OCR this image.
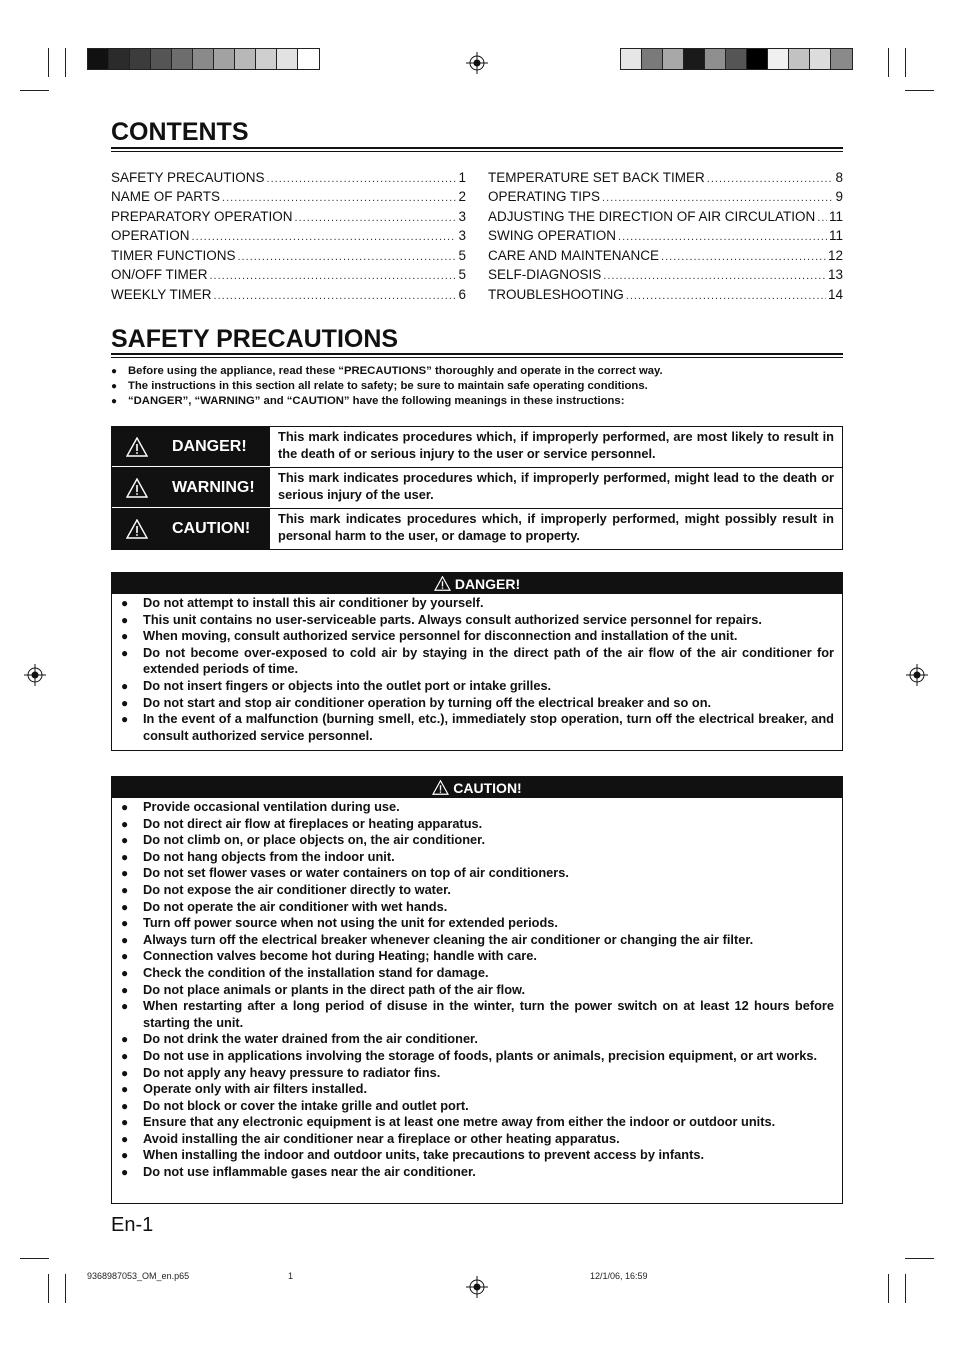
CONTENTS
SAFETY PRECAUTIONS .....	1
NAME OF PARTS .....	2
PREPARATORY OPERATION .....	3
OPERATION .....	3
TIMER FUNCTIONS .....	5
ON/OFF TIMER .....	5
WEEKLY TIMER .....	6
TEMPERATURE SET BACK TIMER .....	8
OPERATING TIPS .....	9
ADJUSTING THE DIRECTION OF AIR CIRCULATION ..... 11
SWING OPERATION .....	11
CARE AND MAINTENANCE .....	12
SELF-DIAGNOSIS .....	13
TROUBLESHOOTING .....	14
SAFETY PRECAUTIONS
● Before using the appliance, read these “PRECAUTIONS” thoroughly and operate in the correct way.
● The instructions in this section all relate to safety; be sure to maintain safe operating conditions.
● “DANGER”, “WARNING” and “CAUTION” have the following meanings in these instructions:
DANGER!
This mark indicates procedures which, if improperly performed, are most likely to result in the death of or serious injury to the user or service personnel.
WARNING!
This mark indicates procedures which, if improperly performed, might lead to the death or serious injury of the user.
CAUTION!
This mark indicates procedures which, if improperly performed, might possibly result in personal harm to the user, or damage to property.
DANGER!
●	Do not attempt to install this air conditioner by yourself.
●	This unit contains no user-serviceable parts. Always consult authorized service personnel for repairs.
●	When moving, consult authorized service personnel for disconnection and installation of the unit.
●	Do not become over-exposed to cold air by staying in the direct path of the air flow of the air conditioner for extended periods of time.
●	Do not insert fingers or objects into the outlet port or intake grilles.
●	Do not start and stop air conditioner operation by turning off the electrical breaker and so on.
●	In the event of a malfunction (burning smell, etc.), immediately stop operation, turn off the electrical breaker, and consult authorized service personnel.
CAUTION!
●	Provide occasional ventilation during use.
●	Do not direct air flow at fireplaces or heating apparatus.
●	Do not climb on, or place objects on, the air conditioner.
●	Do not hang objects from the indoor unit.
●	Do not set flower vases or water containers on top of air conditioners.
●	Do not expose the air conditioner directly to water.
●	Do not operate the air conditioner with wet hands.
●	Turn off power source when not using the unit for extended periods.
●	Always turn off the electrical breaker whenever cleaning the air conditioner or changing the air filter.
●	Connection valves become hot during Heating; handle with care.
●	Check the condition of the installation stand for damage.
●	Do not place animals or plants in the direct path of the air flow.
●	When restarting after a long period of disuse in the winter, turn the power switch on at least 12 hours before starting the unit.
●	Do not drink the water drained from the air conditioner.
●	Do not use in applications involving the storage of foods, plants or animals, precision equipment, or art works.
●	Do not apply any heavy pressure to radiator fins.
●	Operate only with air filters installed.
●	Do not block or cover the intake grille and outlet port.
●	Ensure that any electronic equipment is at least one metre away from either the indoor or outdoor units.
●	Avoid installing the air conditioner near a fireplace or other heating apparatus.
●	When installing the indoor and outdoor units, take precautions to prevent access by infants.
●	Do not use inflammable gases near the air conditioner.
En-1
9368987053_OM_en.p65	1	12/1/06, 16:59
